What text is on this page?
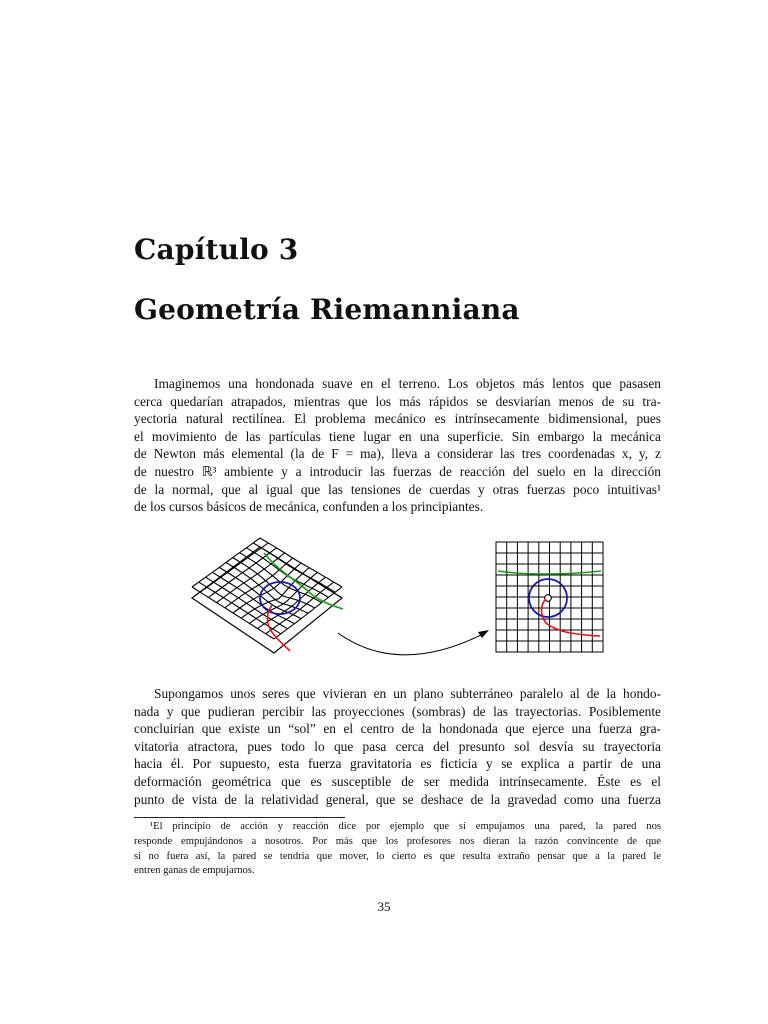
Capítulo 3
Geometría Riemanniana
Imaginemos una hondonada suave en el terreno. Los objetos más lentos que pasasen
cerca quedarían atrapados, mientras que los más rápidos se desviarían menos de su tra-
yectoria natural rectilínea. El problema mecánico es intrínsecamente bidimensional, pues
el movimiento de las partículas tiene lugar en una superficie. Sin embargo la mecánica
de Newton más elemental (la de F = ma), lleva a considerar las tres coordenadas x, y, z
de nuestro ℝ³ ambiente y a introducir las fuerzas de reacción del suelo en la dirección
de la normal, que al igual que las tensiones de cuerdas y otras fuerzas poco intuitivas¹
de los cursos básicos de mecánica, confunden a los principiantes.
Supongamos unos seres que vivieran en un plano subterráneo paralelo al de la hondo-
nada y que pudieran percibir las proyecciones (sombras) de las trayectorias. Posiblemente
concluirían que existe un “sol” en el centro de la hondonada que ejerce una fuerza gra-
vitatoria atractora, pues todo lo que pasa cerca del presunto sol desvía su trayectoria
hacia él. Por supuesto, esta fuerza gravitatoria es ficticia y se explica a partir de una
deformación geométrica que es susceptible de ser medida intrínsecamente. Éste es el
punto de vista de la relatividad general, que se deshace de la gravedad como una fuerza
¹El principio de acción y reacción dice por ejemplo que si empujamos una pared, la pared nos
responde empujándonos a nosotros. Por más que los profesores nos dieran la razón convincente de que
si no fuera así, la pared se tendría que mover, lo cierto es que resulta extraño pensar que a la pared le
entren ganas de empujarnos.
35
